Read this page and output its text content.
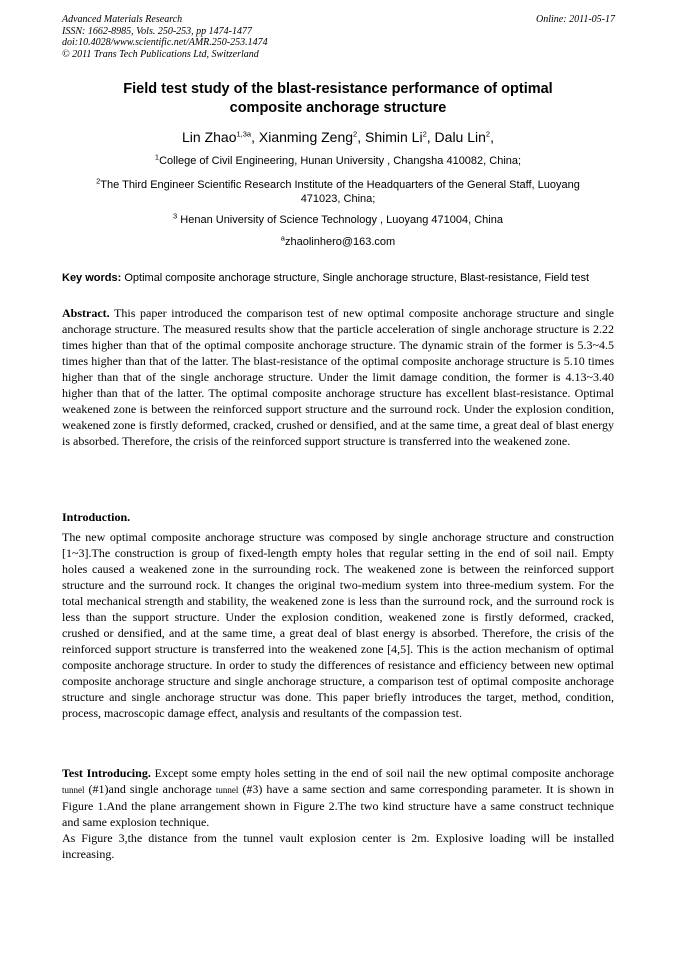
Advanced Materials Research
ISSN: 1662-8985, Vols. 250-253, pp 1474-1477
doi:10.4028/www.scientific.net/AMR.250-253.1474
© 2011 Trans Tech Publications Ltd, Switzerland
Online: 2011-05-17
Field test study of the blast-resistance performance of optimal
composite anchorage structure
Lin Zhao$^{1,3a}$, Xianming Zeng$^2$, Shimin Li$^2$, Dalu Lin$^2$,
$^1$College of Civil Engineering, Hunan University , Changsha 410082, China;
$^2$The Third Engineer Scientific Research Institute of the Headquarters of the General Staff, Luoyang
471023, China;
$^3$ Henan University of Science Technology , Luoyang 471004, China
$^a$zhaolinhero@163.com
Key words: Optimal composite anchorage structure, Single anchorage structure, Blast-resistance, Field test
Abstract. This paper introduced the comparison test of new optimal composite anchorage structure and single anchorage structure. The measured results show that the particle acceleration of single anchorage structure is 2.22 times higher than that of the optimal composite anchorage structure. The dynamic strain of the former is 5.3~4.5 times higher than that of the latter. The blast-resistance of the optimal composite anchorage structure is 5.10 times higher than that of the single anchorage structure. Under the limit damage condition, the former is 4.13~3.40 higher than that of the latter. The optimal composite anchorage structure has excellent blast-resistance. Optimal weakened zone is between the reinforced support structure and the surround rock. Under the explosion condition, weakened zone is firstly deformed, cracked, crushed or densified, and at the same time, a great deal of blast energy is absorbed. Therefore, the crisis of the reinforced support structure is transferred into the weakened zone.
Introduction.
The new optimal composite anchorage structure was composed by single anchorage structure and construction [1~3].The construction is group of fixed-length empty holes that regular setting in the end of soil nail. Empty holes caused a weakened zone in the surrounding rock. The weakened zone is between the reinforced support structure and the surround rock. It changes the original two-medium system into three-medium system. For the total mechanical strength and stability, the weakened zone is less than the surround rock, and the surround rock is less than the support structure. Under the explosion condition, weakened zone is firstly deformed, cracked, crushed or densified, and at the same time, a great deal of blast energy is absorbed. Therefore, the crisis of the reinforced support structure is transferred into the weakened zone [4,5]. This is the action mechanism of optimal composite anchorage structure. In order to study the differences of resistance and efficiency between new optimal composite anchorage structure and single anchorage structure, a comparison test of optimal composite anchorage structure and single anchorage structur was done. This paper briefly introduces the target, method, condition, process, macroscopic damage effect, analysis and resultants of the compassion test.
Test Introducing. Except some empty holes setting in the end of soil nail the new optimal composite anchorage tunnel (#1)and single anchorage tunnel (#3) have a same section and same corresponding parameter. It is shown in Figure 1.And the plane arrangement shown in Figure 2.The two kind structure have a same construct technique and same explosion technique.
As Figure 3,the distance from the tunnel vault explosion center is 2m. Explosive loading will be installed increasing.
